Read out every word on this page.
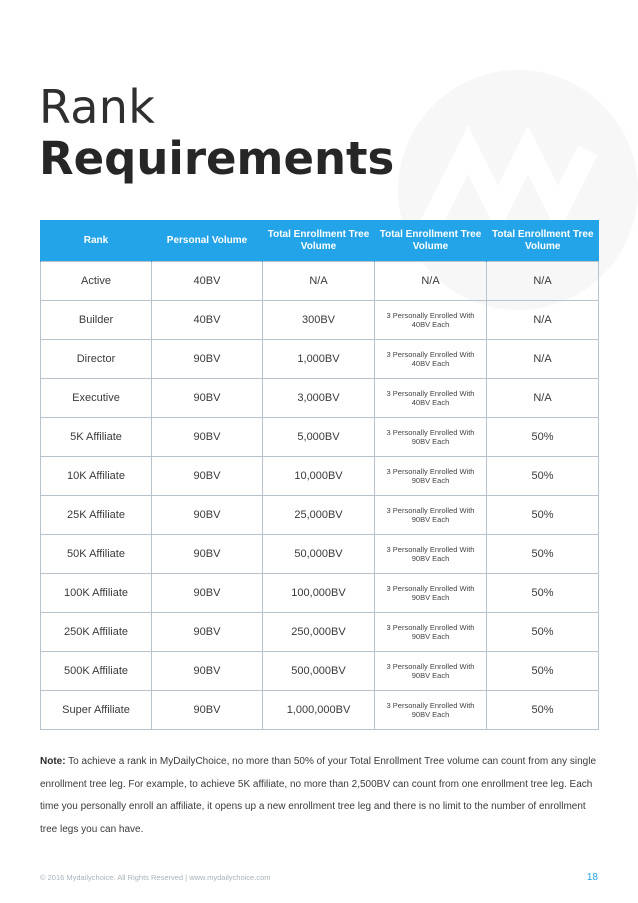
Rank
Requirements
Rank	Personal Volume	Total Enrollment Tree Volume	Total Enrollment Tree Volume	Total Enrollment Tree Volume
Active	40BV	N/A	N/A	N/A
Builder	40BV	300BV	3 Personally Enrolled With 40BV Each	N/A
Director	90BV	1,000BV	3 Personally Enrolled With 40BV Each	N/A
Executive	90BV	3,000BV	3 Personally Enrolled With 40BV Each	N/A
5K Affiliate	90BV	5,000BV	3 Personally Enrolled With 90BV Each	50%
10K Affiliate	90BV	10,000BV	3 Personally Enrolled With 90BV Each	50%
25K Affiliate	90BV	25,000BV	3 Personally Enrolled With 90BV Each	50%
50K Affiliate	90BV	50,000BV	3 Personally Enrolled With 90BV Each	50%
100K Affiliate	90BV	100,000BV	3 Personally Enrolled With 90BV Each	50%
250K Affiliate	90BV	250,000BV	3 Personally Enrolled With 90BV Each	50%
500K Affiliate	90BV	500,000BV	3 Personally Enrolled With 90BV Each	50%
Super Affiliate	90BV	1,000,000BV	3 Personally Enrolled With 90BV Each	50%
Note: To achieve a rank in MyDailyChoice, no more than 50% of your Total Enrollment Tree volume can count from any single enrollment tree leg. For example, to achieve 5K affiliate, no more than 2,500BV can count from one enrollment tree leg. Each time you personally enroll an affiliate, it opens up a new enrollment tree leg and there is no limit to the number of enrollment tree legs you can have.
© 2016 Mydailychoice. All Rights Reserved | www.mydailychoice.com	18
